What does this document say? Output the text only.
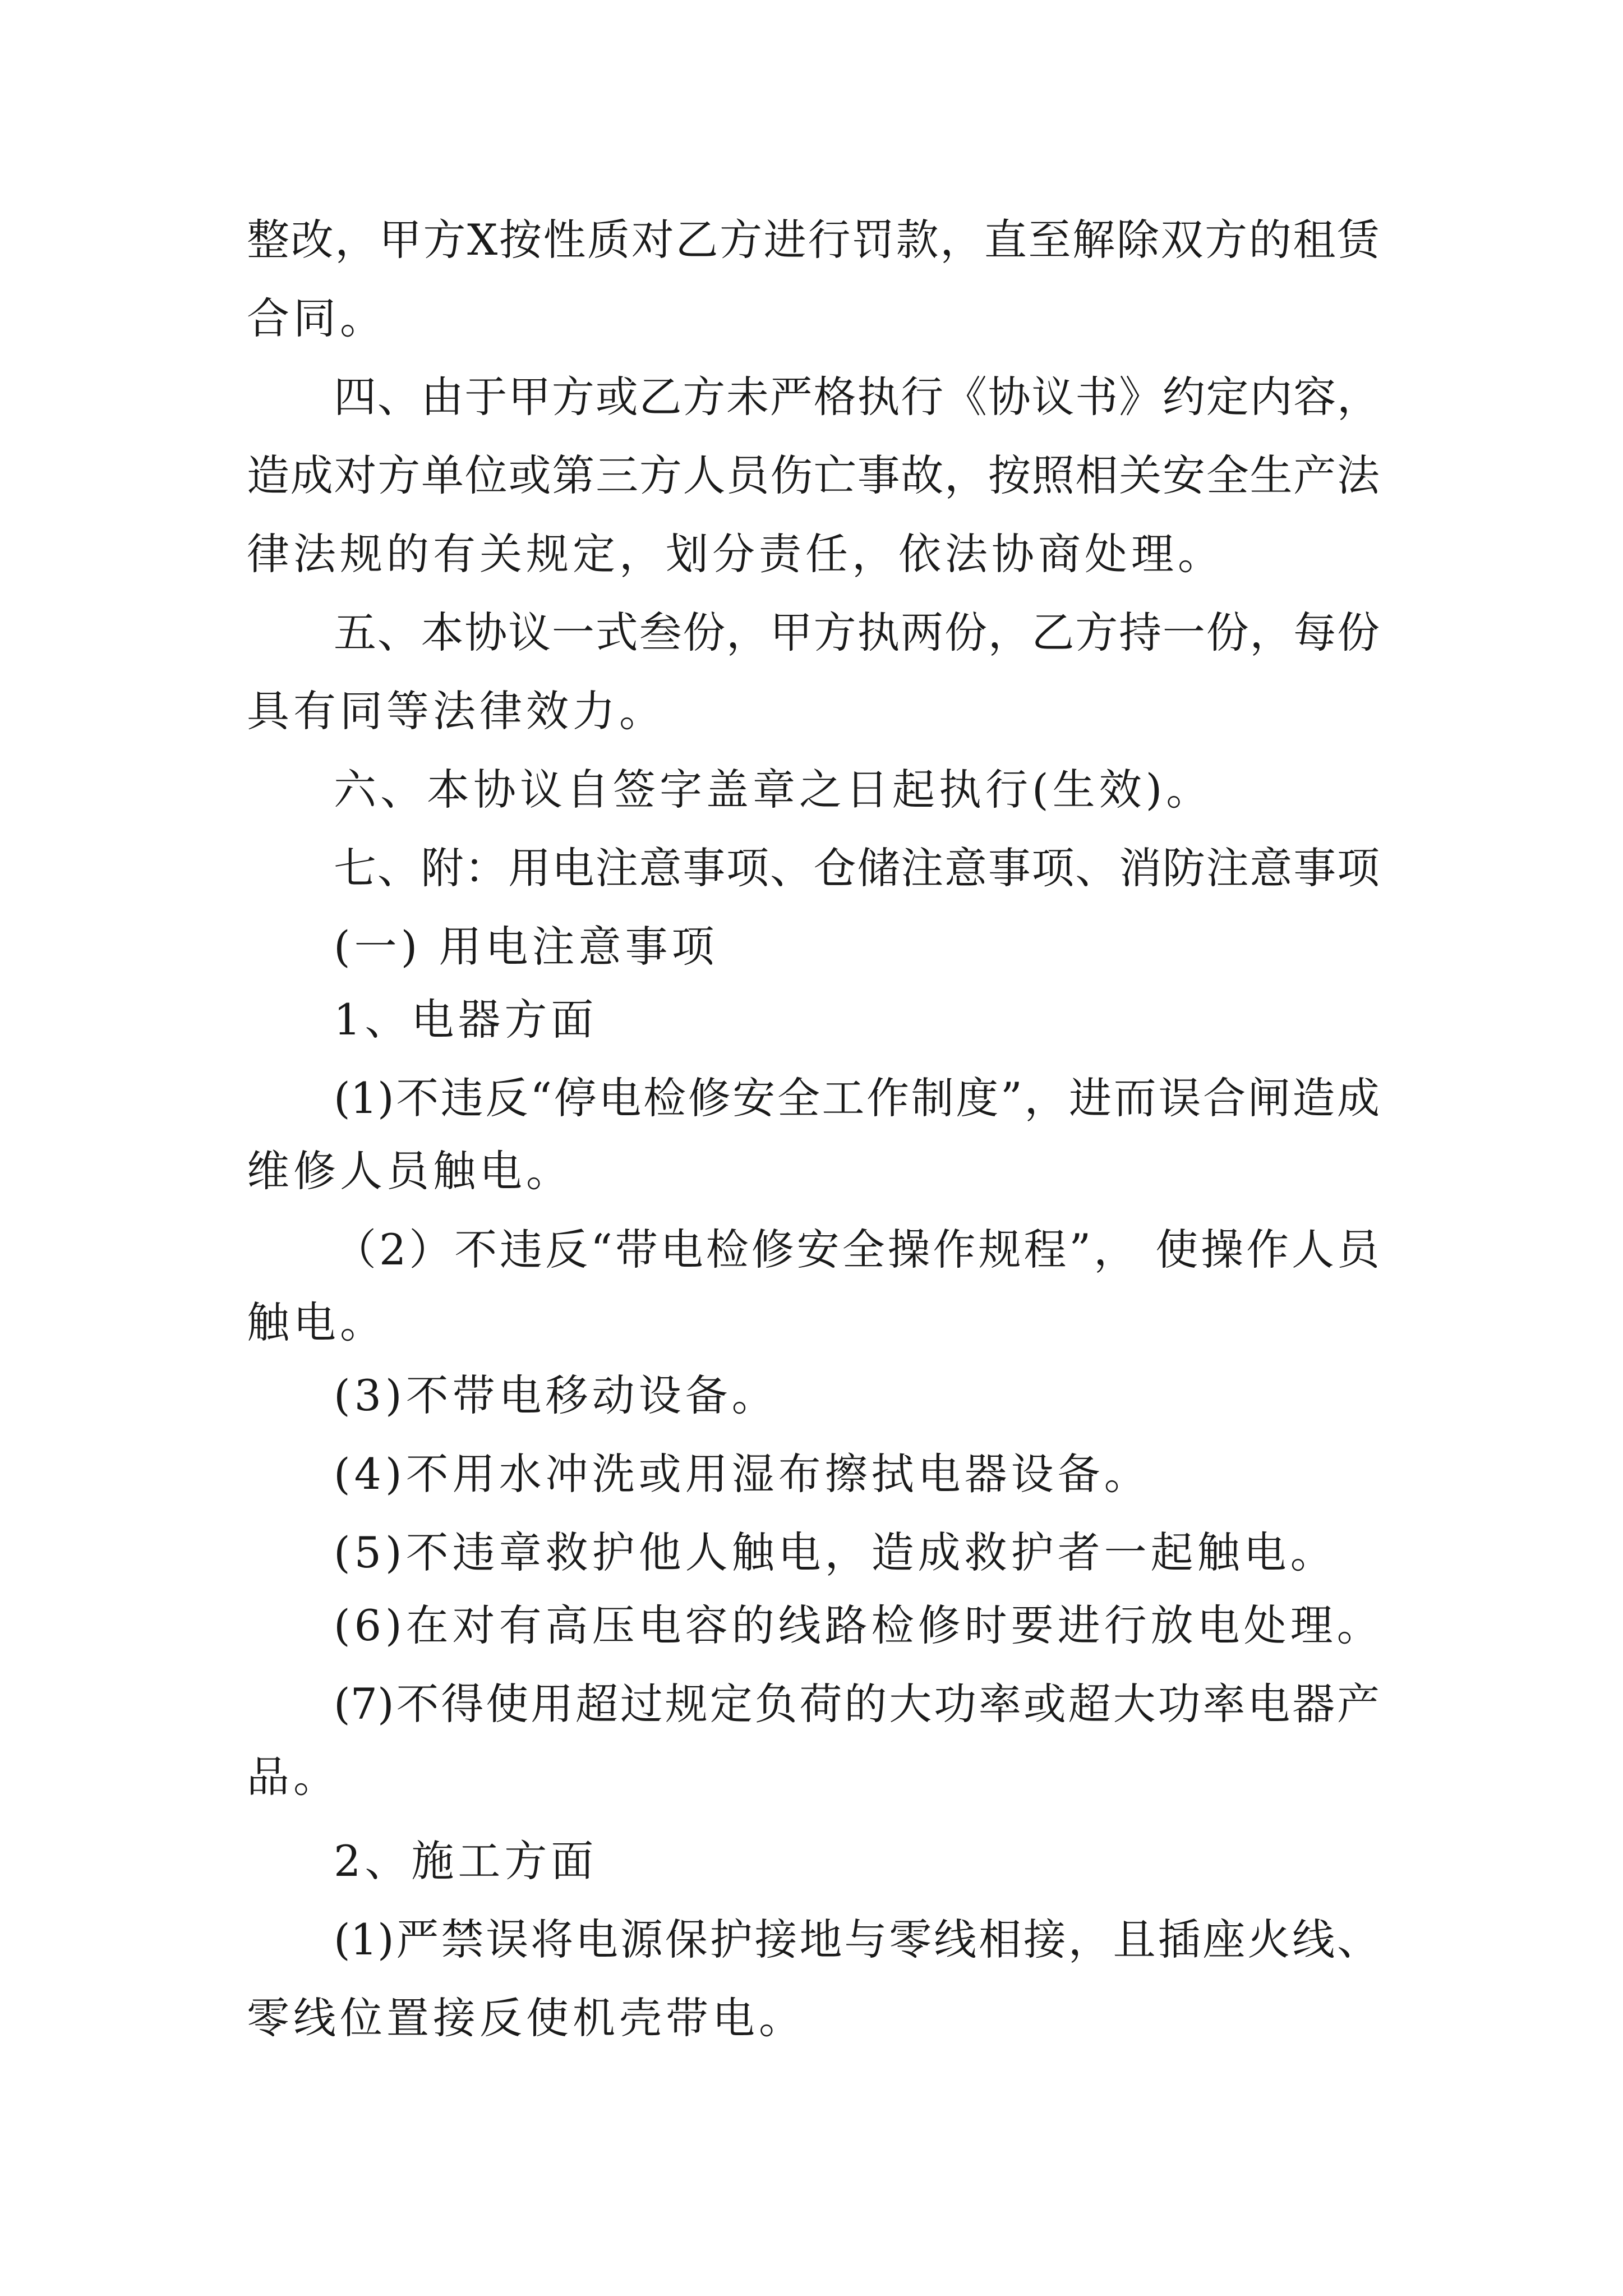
整改，甲方X按性质对乙方进行罚款，直至解除双方的租赁
合同。
四、由于甲方或乙方未严格执行《协议书》约定内容，
造成对方单位或第三方人员伤亡事故，按照相关安全生产法
律法规的有关规定，划分责任，依法协商处理。
五、本协议一式叁份，甲方执两份，乙方持一份，每份
具有同等法律效力。
六、本协议自签字盖章之日起执行(生效)。
七、附：用电注意事项、仓储注意事项、消防注意事项
(一) 用电注意事项
1、电器方面
(1)不违反“停电检修安全工作制度”，进而误合闸造成
维修人员触电。
（2）不违反“带电检修安全操作规程”， 使操作人员
触电。
(3)不带电移动设备。
(4)不用水冲洗或用湿布擦拭电器设备。
(5)不违章救护他人触电，造成救护者一起触电。
(6)在对有高压电容的线路检修时要进行放电处理。
(7)不得使用超过规定负荷的大功率或超大功率电器产
品。
2、施工方面
(1)严禁误将电源保护接地与零线相接，且插座火线、
零线位置接反使机壳带电。
